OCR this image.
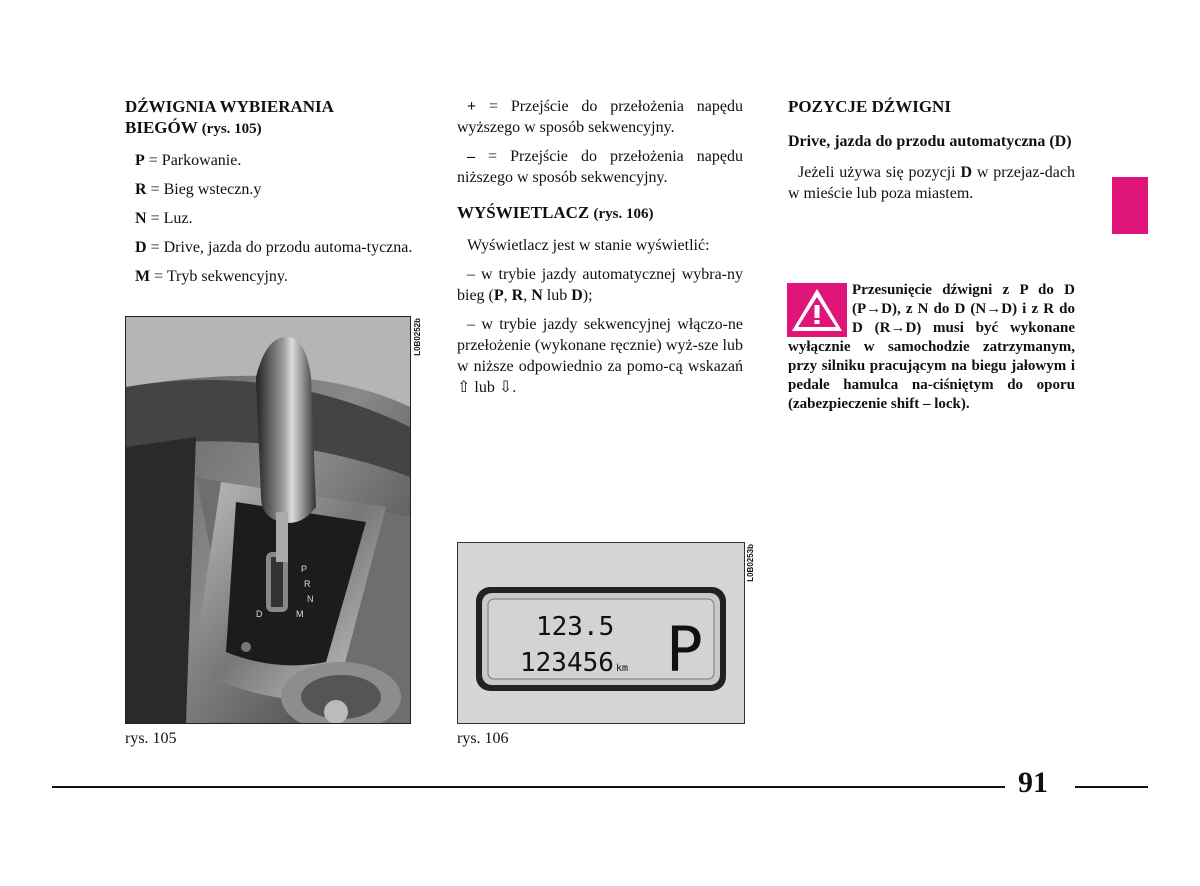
DŹWIGNIA WYBIERANIA
BIEGÓW (rys. 105)

P = Parkowanie.

R = Bieg wsteczn.y

N = Luz.

D = Drive, jazda do przodu automa-tyczna.

M = Tryb sekwencyjny.

P
R
N
D	M
L0B0252b
rys. 105

+ = Przejście do przełożenia napędu wyższego w sposób sekwencyjny.

– = Przejście do przełożenia napędu niższego w sposób sekwencyjny.

WYŚWIETLACZ (rys. 106)

Wyświetlacz jest w stanie wyświetlić:

– w trybie jazdy automatycznej wybra-ny bieg (P, R, N lub D);

– w trybie jazdy sekwencyjnej włączo-ne przełożenie (wykonane ręcznie) wyż-sze lub w niższe odpowiednio za pomo-cą wskazań ⇧ lub ⇩.

123.5
123456 km P
L0B0253b
rys. 106
POZYCJE DŹWIGNI
Drive, jazda do przodu automatyczna (D)

Jeżeli używa się pozycji D w przejaz-dach w mieście lub poza miastem.

Przesunięcie dźwigni z P do D (P→D), z N do D (N→D) i z R do D (R→D) musi być wykonane wyłącznie w samochodzie zatrzymanym, przy silniku pracującym na biegu jałowym i pedale hamulca na-ciśniętym do oporu (zabezpieczenie shift – lock).
91
